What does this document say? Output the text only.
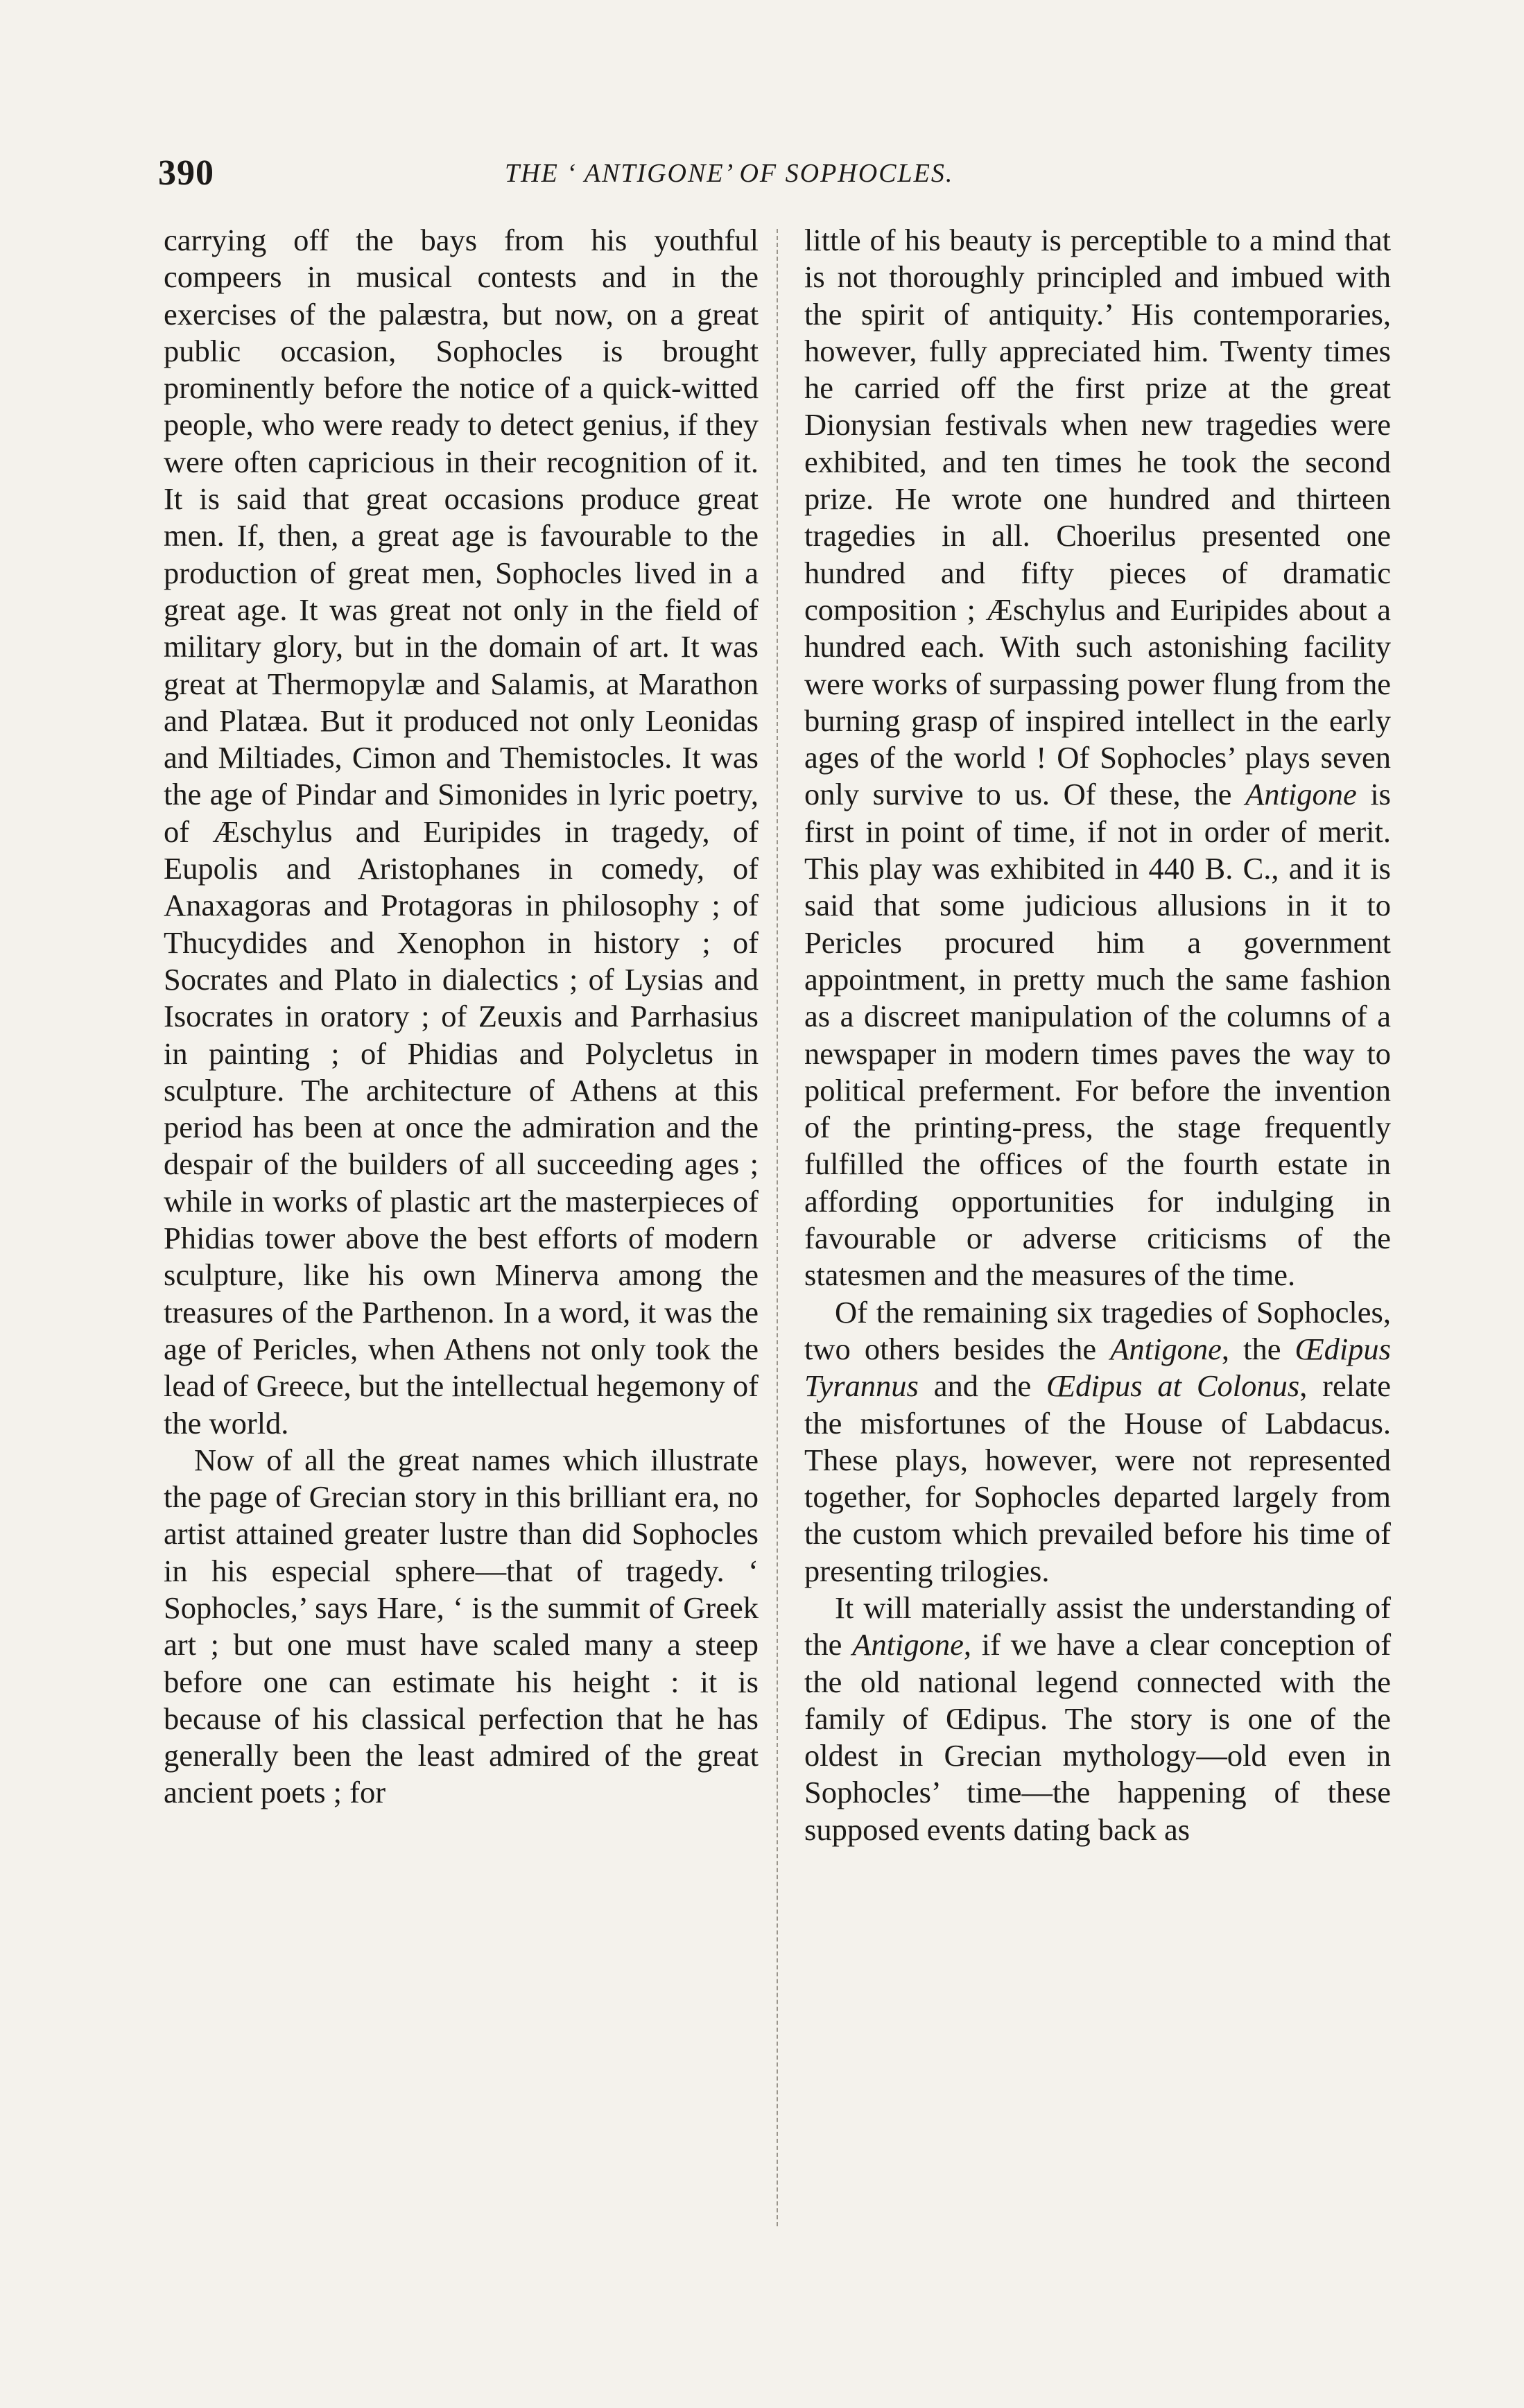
390	THE ‘ ANTIGONE’ OF SOPHOCLES.

carrying off the bays from his youthful compeers in musical contests and in the exercises of the palæstra, but now, on a great public occasion, Sophocles is brought prominently before the notice of a quick-witted people, who were ready to detect genius, if they were often capricious in their recognition of it. It is said that great occasions produce great men. If, then, a great age is favourable to the production of great men, Sophocles lived in a great age. It was great not only in the field of military glory, but in the domain of art. It was great at Thermopylæ and Salamis, at Marathon and Platæa. But it produced not only Leonidas and Miltiades, Cimon and Themistocles. It was the age of Pindar and Simonides in lyric poetry, of Æschylus and Euripides in tragedy, of Eupolis and Aristophanes in comedy, of Anaxagoras and Protagoras in philosophy ; of Thucydides and Xenophon in history ; of Socrates and Plato in dialectics ; of Lysias and Isocrates in oratory ; of Zeuxis and Parrhasius in painting ; of Phidias and Polycletus in sculpture. The architecture of Athens at this period has been at once the admiration and the despair of the builders of all succeeding ages ; while in works of plastic art the masterpieces of Phidias tower above the best efforts of modern sculpture, like his own Minerva among the treasures of the Parthenon. In a word, it was the age of Pericles, when Athens not only took the lead of Greece, but the intellectual hegemony of the world.

Now of all the great names which illustrate the page of Grecian story in this brilliant era, no artist attained greater lustre than did Sophocles in his especial sphere—that of tragedy. ‘ Sophocles,’ says Hare, ‘ is the summit of Greek art ; but one must have scaled many a steep before one can estimate his height : it is because of his classical perfection that he has generally been the least admired of the great ancient poets ; for

little of his beauty is perceptible to a mind that is not thoroughly principled and imbued with the spirit of antiquity.’ His contemporaries, however, fully appreciated him. Twenty times he carried off the first prize at the great Dionysian festivals when new tragedies were exhibited, and ten times he took the second prize. He wrote one hundred and thirteen tragedies in all. Choerilus presented one hundred and fifty pieces of dramatic composition ; Æschylus and Euripides about a hundred each. With such astonishing facility were works of surpassing power flung from the burning grasp of inspired intellect in the early ages of the world ! Of Sophocles’ plays seven only survive to us. Of these, the Antigone is first in point of time, if not in order of merit. This play was exhibited in 440 B. C., and it is said that some judicious allusions in it to Pericles procured him a government appointment, in pretty much the same fashion as a discreet manipulation of the columns of a newspaper in modern times paves the way to political preferment. For before the invention of the printing-press, the stage frequently fulfilled the offices of the fourth estate in affording opportunities for indulging in favourable or adverse criticisms of the statesmen and the measures of the time.

Of the remaining six tragedies of Sophocles, two others besides the Antigone, the Œdipus Tyrannus and the Œdipus at Colonus, relate the misfortunes of the House of Labdacus. These plays, however, were not represented together, for Sophocles departed largely from the custom which prevailed before his time of presenting trilogies.

It will materially assist the understanding of the Antigone, if we have a clear conception of the old national legend connected with the family of Œdipus. The story is one of the oldest in Grecian mythology—old even in Sophocles’ time—the happening of these supposed events dating back as
